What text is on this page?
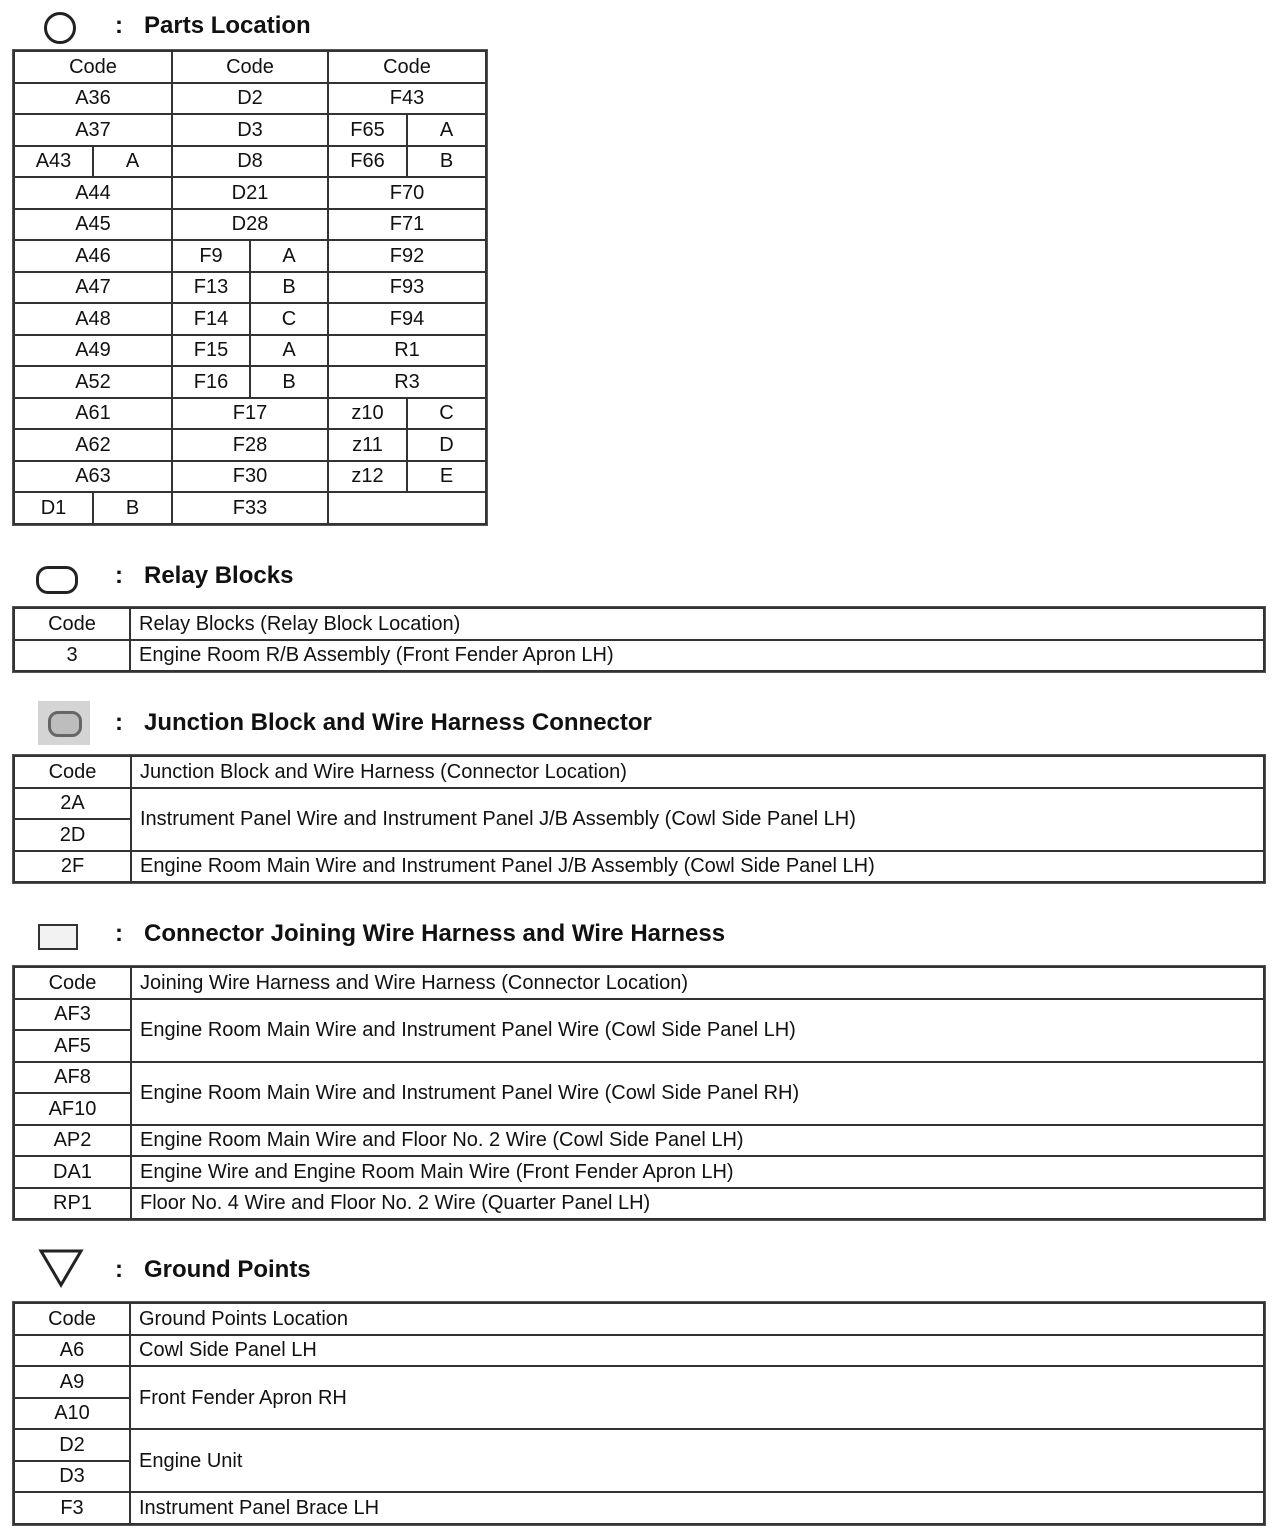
: Parts Location
Code		Code		Code	
A36		D2		F43	
A37		D3		F65	A
A43	A	D8		F66	B
A44		D21		F70	
A45		D28		F71	
A46		F9	A	F92	
A47		F13	B	F93	
A48		F14	C	F94	
A49		F15	A	R1	
A52		F16	B	R3	
A61		F17		z10	C
A62		F28		z11	D
A63		F30		z12	E
D1	B	F33			
: Relay Blocks
Code	Relay Blocks (Relay Block Location)
3	Engine Room R/B Assembly (Front Fender Apron LH)
: Junction Block and Wire Harness Connector
Code	Junction Block and Wire Harness (Connector Location)
2A	Instrument Panel Wire and Instrument Panel J/B Assembly (Cowl Side Panel LH)
2D	
2F	Engine Room Main Wire and Instrument Panel J/B Assembly (Cowl Side Panel LH)
: Connector Joining Wire Harness and Wire Harness
Code	Joining Wire Harness and Wire Harness (Connector Location)
AF3	Engine Room Main Wire and Instrument Panel Wire (Cowl Side Panel LH)
AF5	
AF8	Engine Room Main Wire and Instrument Panel Wire (Cowl Side Panel RH)
AF10	
AP2	Engine Room Main Wire and Floor No. 2 Wire (Cowl Side Panel LH)
DA1	Engine Wire and Engine Room Main Wire (Front Fender Apron LH)
RP1	Floor No. 4 Wire and Floor No. 2 Wire (Quarter Panel LH)
: Ground Points
Code	Ground Points Location
A6	Cowl Side Panel LH
A9	Front Fender Apron RH
A10	
D2	Engine Unit
D3	
F3	Instrument Panel Brace LH
